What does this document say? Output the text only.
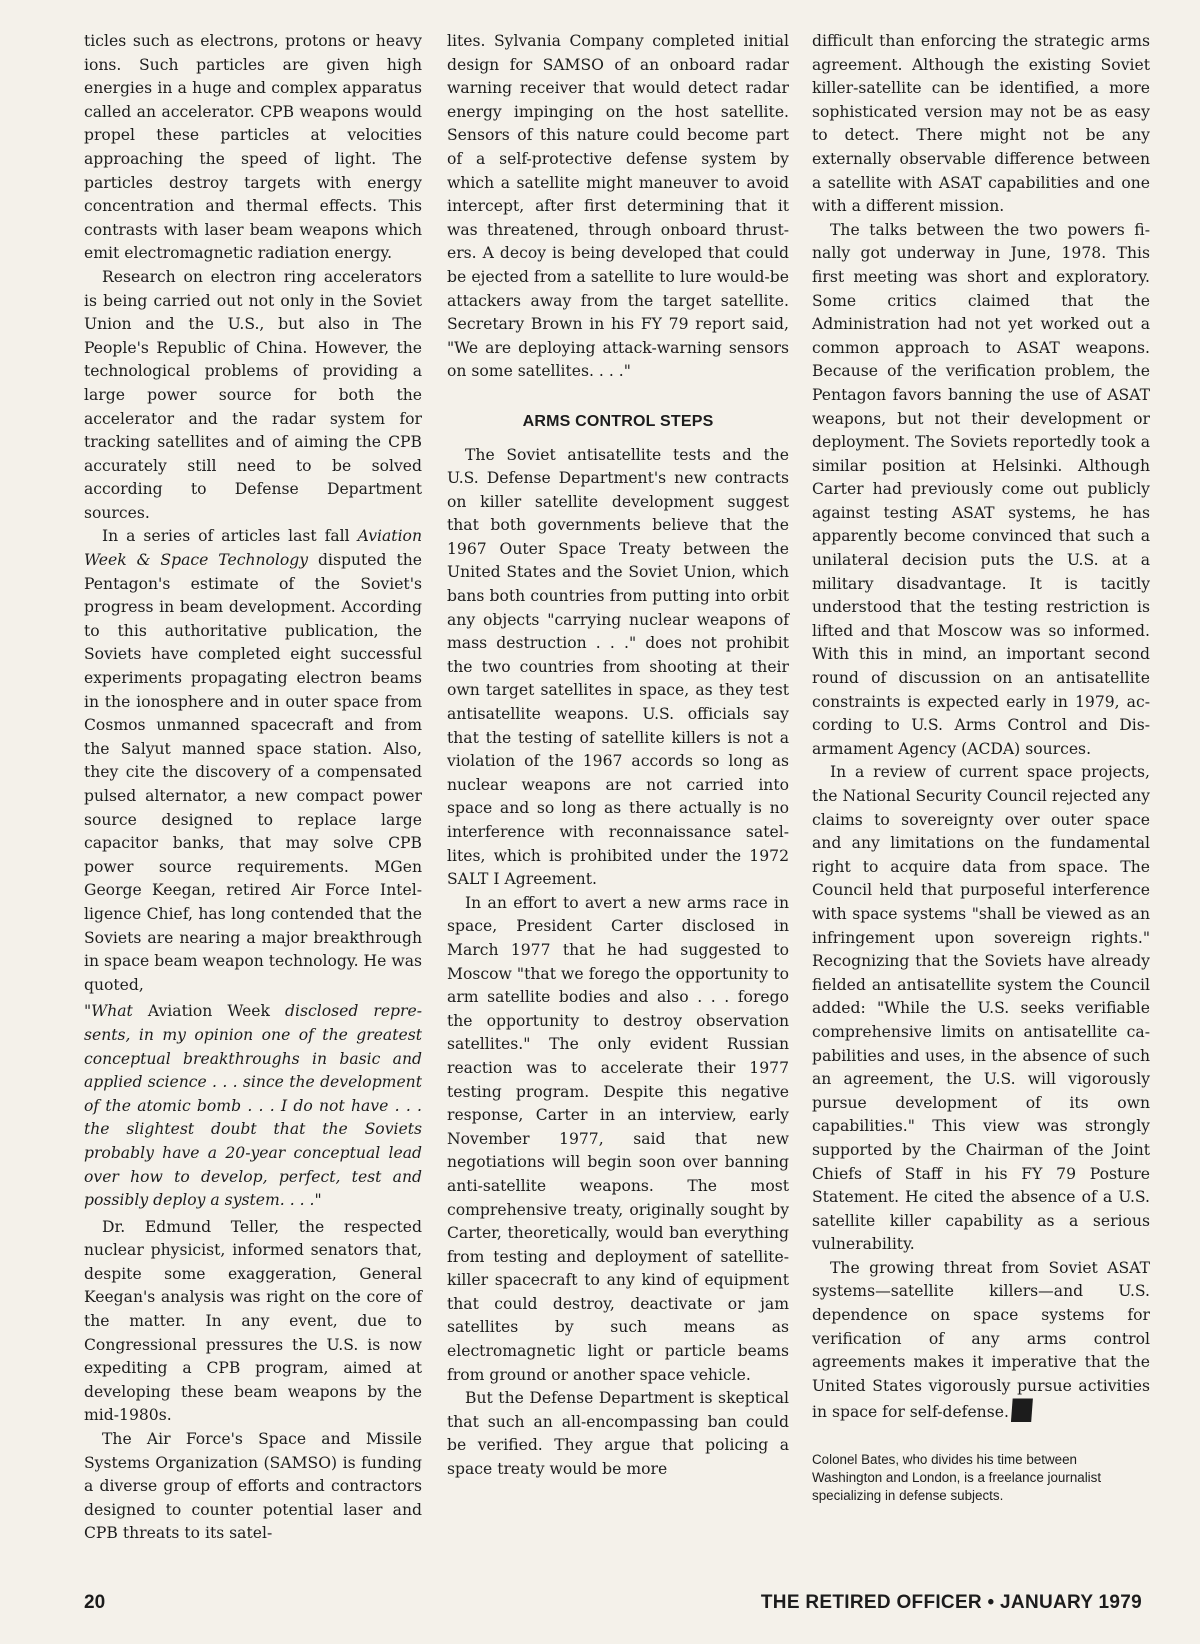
ticles such as electrons, protons or heavy ions. Such particles are given high energies in a huge and complex apparatus called an accelerator. CPB weapons would propel these particles at velocities approaching the speed of light. The particles destroy targets with energy concentration and thermal effects. This contrasts with laser beam weapons which emit electromagnetic radiation energy.

Research on electron ring accelerators is being carried out not only in the Soviet Union and the U.S., but also in The People's Republic of China. However, the technological problems of providing a large power source for both the accelerator and the radar system for tracking satellites and of aiming the CPB accurately still need to be solved according to Defense Department sources.

In a series of articles last fall Aviation Week & Space Technology disputed the Pentagon's estimate of the Soviet's progress in beam development. According to this authoritative publication, the Soviets have completed eight successful experiments propagating electron beams in the ionosphere and in outer space from Cosmos unmanned spacecraft and from the Salyut manned space station. Also, they cite the discovery of a compensated pulsed alternator, a new compact power source designed to replace large capacitor banks, that may solve CPB power source requirements. MGen George Keegan, retired Air Force Intelligence Chief, has long contended that the Soviets are nearing a major breakthrough in space beam weapon technology. He was quoted,

"What Aviation Week disclosed represents, in my opinion one of the greatest conceptual breakthroughs in basic and applied science . . . since the development of the atomic bomb . . . I do not have . . . the slightest doubt that the Soviets probably have a 20-year conceptual lead over how to develop, perfect, test and possibly deploy a system. . . ."

Dr. Edmund Teller, the respected nuclear physicist, informed senators that, despite some exaggeration, General Keegan's analysis was right on the core of the matter. In any event, due to Congressional pressures the U.S. is now expediting a CPB program, aimed at developing these beam weapons by the mid-1980s.

The Air Force's Space and Missile Systems Organization (SAMSO) is funding a diverse group of efforts and contractors designed to counter potential laser and CPB threats to its satel-

lites. Sylvania Company completed initial design for SAMSO of an onboard radar warning receiver that would detect radar energy impinging on the host satellite. Sensors of this nature could become part of a self-protective defense system by which a satellite might maneuver to avoid intercept, after first determining that it was threatened, through onboard thrusters. A decoy is being developed that could be ejected from a satellite to lure would-be attackers away from the target satellite. Secretary Brown in his FY 79 report said, "We are deploying attack-warning sensors on some satellites. . . ."

ARMS CONTROL STEPS

The Soviet antisatellite tests and the U.S. Defense Department's new contracts on killer satellite development suggest that both governments believe that the 1967 Outer Space Treaty between the United States and the Soviet Union, which bans both countries from putting into orbit any objects "carrying nuclear weapons of mass destruction . . ." does not prohibit the two countries from shooting at their own target satellites in space, as they test antisatellite weapons. U.S. officials say that the testing of satellite killers is not a violation of the 1967 accords so long as nuclear weapons are not carried into space and so long as there actually is no interference with reconnaissance satellites, which is prohibited under the 1972 SALT I Agreement.

In an effort to avert a new arms race in space, President Carter disclosed in March 1977 that he had suggested to Moscow "that we forego the opportunity to arm satellite bodies and also . . . forego the opportunity to destroy observation satellites." The only evident Russian reaction was to accelerate their 1977 testing program. Despite this negative response, Carter in an interview, early November 1977, said that new negotiations will begin soon over banning anti-satellite weapons. The most comprehensive treaty, originally sought by Carter, theoretically, would ban everything from testing and deployment of satellite-killer spacecraft to any kind of equipment that could destroy, deactivate or jam satellites by such means as electromagnetic light or particle beams from ground or another space vehicle.

But the Defense Department is skeptical that such an all-encompassing ban could be verified. They argue that policing a space treaty would be more

difficult than enforcing the strategic arms agreement. Although the existing Soviet killer-satellite can be identified, a more sophisticated version may not be as easy to detect. There might not be any externally observable difference between a satellite with ASAT capabilities and one with a different mission.

The talks between the two powers finally got underway in June, 1978. This first meeting was short and exploratory. Some critics claimed that the Administration had not yet worked out a common approach to ASAT weapons. Because of the verification problem, the Pentagon favors banning the use of ASAT weapons, but not their development or deployment. The Soviets reportedly took a similar position at Helsinki. Although Carter had previously come out publicly against testing ASAT systems, he has apparently become convinced that such a unilateral decision puts the U.S. at a military disadvantage. It is tacitly understood that the testing restriction is lifted and that Moscow was so informed. With this in mind, an important second round of discussion on an antisatellite constraints is expected early in 1979, according to U.S. Arms Control and Disarmament Agency (ACDA) sources.

In a review of current space projects, the National Security Council rejected any claims to sovereignty over outer space and any limitations on the fundamental right to acquire data from space. The Council held that purposeful interference with space systems "shall be viewed as an infringement upon sovereign rights." Recognizing that the Soviets have already fielded an antisatellite system the Council added: "While the U.S. seeks verifiable comprehensive limits on antisatellite capabilities and uses, in the absence of such an agreement, the U.S. will vigorously pursue development of its own capabilities." This view was strongly supported by the Chairman of the Joint Chiefs of Staff in his FY 79 Posture Statement. He cited the absence of a U.S. satellite killer capability as a serious vulnerability.

The growing threat from Soviet ASAT systems—satellite killers—and U.S. dependence on space systems for verification of any arms control agreements makes it imperative that the United States vigorously pursue activities in space for self-defense.

Colonel Bates, who divides his time between Washington and London, is a freelance journalist specializing in defense subjects.

20	THE RETIRED OFFICER • JANUARY 1979
